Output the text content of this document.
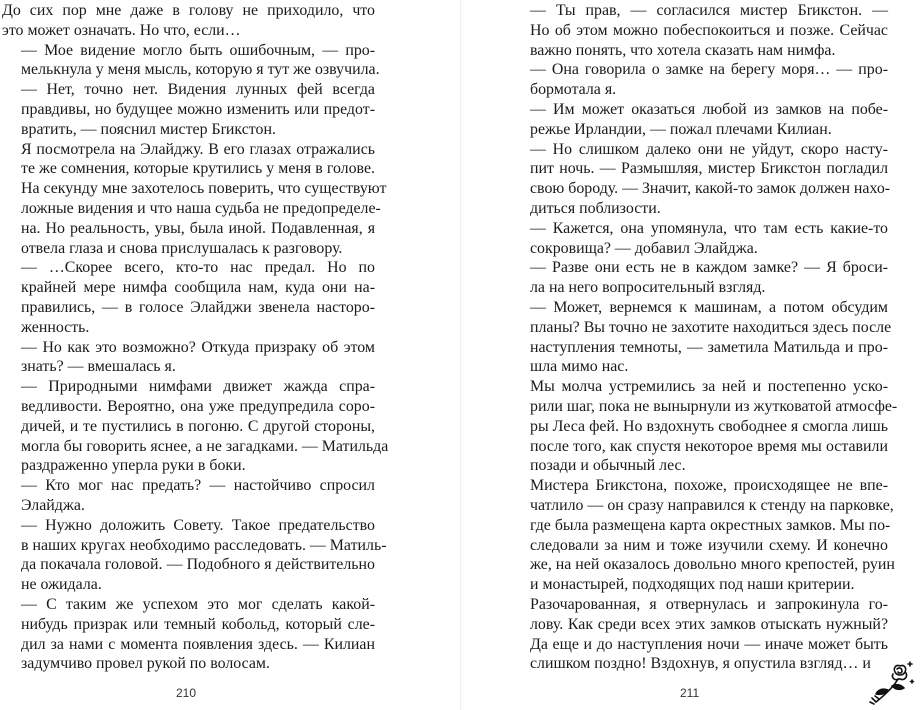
До сих пор мне даже в голову не приходило, что
это может означать. Но что, если…
— Мое видение могло быть ошибочным, — про-
мелькнула у меня мысль, которую я тут же озвучила.
— Нет, точно нет. Видения лунных фей всегда
правдивы, но будущее можно изменить или предот-
вратить, — пояснил мистер Бrикстон.
Я посмотрела на Элайджу. В его глазах отражались
те же сомнения, которые крутились у меня в голове.
На секунду мне захотелось поверить, что существуют
ложные видения и что наша судьба не предопределе-
на. Но реальность, увы, была иной. Подавленная, я
отвела глаза и снова прислушалась к разговору.
— …Скорее всего, кто-то нас предал. Но по
крайней мере нимфа сообщила нам, куда они на-
правились, — в голосе Элайджи звенела насторо-
женность.
— Но как это возможно? Откуда призраку об этом
знать? — вмешалась я.
— Природными нимфами движет жажда спра-
ведливости. Вероятно, она уже предупредила соро-
дичей, и те пустились в погоню. С другой стороны,
могла бы говорить яснее, а не загадками. — Матильда
раздраженно уперла руки в боки.
— Кто мог нас предать? — настойчиво спросил
Элайджа.
— Нужно доложить Совету. Такое предательство
в наших кругах необходимо расследовать. — Матиль-
да покачала головой. — Подобного я действительно
не ожидала.
— С таким же успехом это мог сделать какой-
нибудь призрак или темный кобольд, который сле-
дил за нами с момента появления здесь. — Килиан
задумчиво провел рукой по волосам.
210
— Ты прав, — согласился мистер Бrикстон. —
Но об этом можно побеспокоиться и позже. Сейчас
важно понять, что хотела сказать нам нимфа.
— Она говорила о замке на берегу моря… — про-
бормотала я.
— Им может оказаться любой из замков на побе-
режье Ирландии, — пожал плечами Килиан.
— Но слишком далеко они не уйдут, скоро насту-
пит ночь. — Размышляя, мистер Бrикстон погладил
свою бороду. — Значит, какой-то замок должен нахо-
диться поблизости.
— Кажется, она упомянула, что там есть какие-то
сокровища? — добавил Элайджа.
— Разве они есть не в каждом замке? — Я броси-
ла на него вопросительный взгляд.
— Может, вернемся к машинам, а потом обсудим
планы? Вы точно не захотите находиться здесь после
наступления темноты, — заметила Матильда и про-
шла мимо нас.
Мы молча устремились за ней и постепенно уско-
рили шаг, пока не вынырнули из жутковатой атмосфе-
ры Леса фей. Но вздохнуть свободнее я смогла лишь
после того, как спустя некоторое время мы оставили
позади и обычный лес.
Мистера Бrикстона, похоже, происходящее не впе-
чатлило — он сразу направился к стенду на парковке,
где была размещена карта окрестных замков. Мы по-
следовали за ним и тоже изучили схему. И конечно
же, на ней оказалось довольно много крепостей, руин
и монастырей, подходящих под наши критерии.
Разочарованная, я отвернулась и запрокинула го-
лову. Как среди всех этих замков отыскать нужный?
Да еще и до наступления ночи — иначе может быть
слишком поздно! Вздохнув, я опустила взгляд… и
211
